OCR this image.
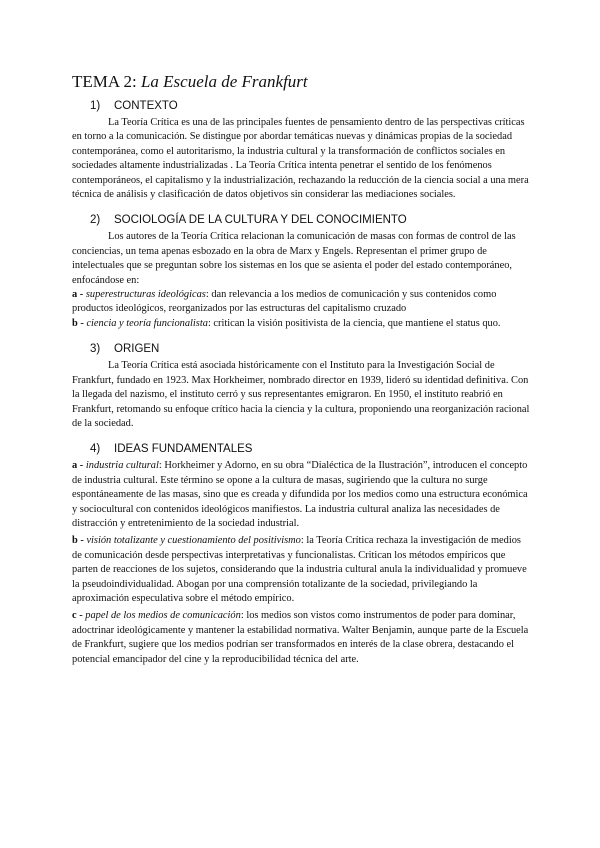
TEMA 2: La Escuela de Frankfurt
1) CONTEXTO

La Teoría Crítica es una de las principales fuentes de pensamiento dentro de las perspectivas críticas en torno a la comunicación. Se distingue por abordar temáticas nuevas y dinámicas propias de la sociedad contemporánea, como el autoritarismo, la industria cultural y la transformación de conflictos sociales en sociedades altamente industrializadas . La Teoría Crítica intenta penetrar el sentido de los fenómenos contemporáneos, el capitalismo y la industrialización, rechazando la reducción de la ciencia social a una mera técnica de análisis y clasificación de datos objetivos sin considerar las mediaciones sociales.

2) SOCIOLOGÍA DE LA CULTURA Y DEL CONOCIMIENTO

Los autores de la Teoría Crítica relacionan la comunicación de masas con formas de control de las conciencias, un tema apenas esbozado en la obra de Marx y Engels. Representan el primer grupo de intelectuales que se preguntan sobre los sistemas en los que se asienta el poder del estado contemporáneo, enfocándose en:

a - superestructuras ideológicas: dan relevancia a los medios de comunicación y sus contenidos como productos ideológicos, reorganizados por las estructuras del capitalismo cruzado

b - ciencia y teoría funcionalista: critican la visión positivista de la ciencia, que mantiene el status quo.

3) ORIGEN

La Teoría Crítica está asociada históricamente con el Instituto para la Investigación Social de Frankfurt, fundado en 1923. Max Horkheimer, nombrado director en 1939, lideró su identidad definitiva. Con la llegada del nazismo, el instituto cerró y sus representantes emigraron. En 1950, el instituto reabrió en Frankfurt, retomando su enfoque crítico hacia la ciencia y la cultura, proponiendo una reorganización racional de la sociedad.

4) IDEAS FUNDAMENTALES

a - industria cultural: Horkheimer y Adorno, en su obra “Dialéctica de la Ilustración”, introducen el concepto de industria cultural. Este término se opone a la cultura de masas, sugiriendo que la cultura no surge espontáneamente de las masas, sino que es creada y difundida por los medios como una estructura económica y sociocultural con contenidos ideológicos manifiestos. La industria cultural analiza las necesidades de distracción y entretenimiento de la sociedad industrial.

b - visión totalizante y cuestionamiento del positivismo: la Teoría Crítica rechaza la investigación de medios de comunicación desde perspectivas interpretativas y funcionalistas. Critican los métodos empíricos que parten de reacciones de los sujetos, considerando que la industria cultural anula la individualidad y promueve la pseudoindividualidad. Abogan por una comprensión totalizante de la sociedad, privilegiando la aproximación especulativa sobre el método empírico.

c - papel de los medios de comunicación: los medios son vistos como instrumentos de poder para dominar, adoctrinar ideológicamente y mantener la estabilidad normativa. Walter Benjamin, aunque parte de la Escuela de Frankfurt, sugiere que los medios podrían ser transformados en interés de la clase obrera, destacando el potencial emancipador del cine y la reproducibilidad técnica del arte.
